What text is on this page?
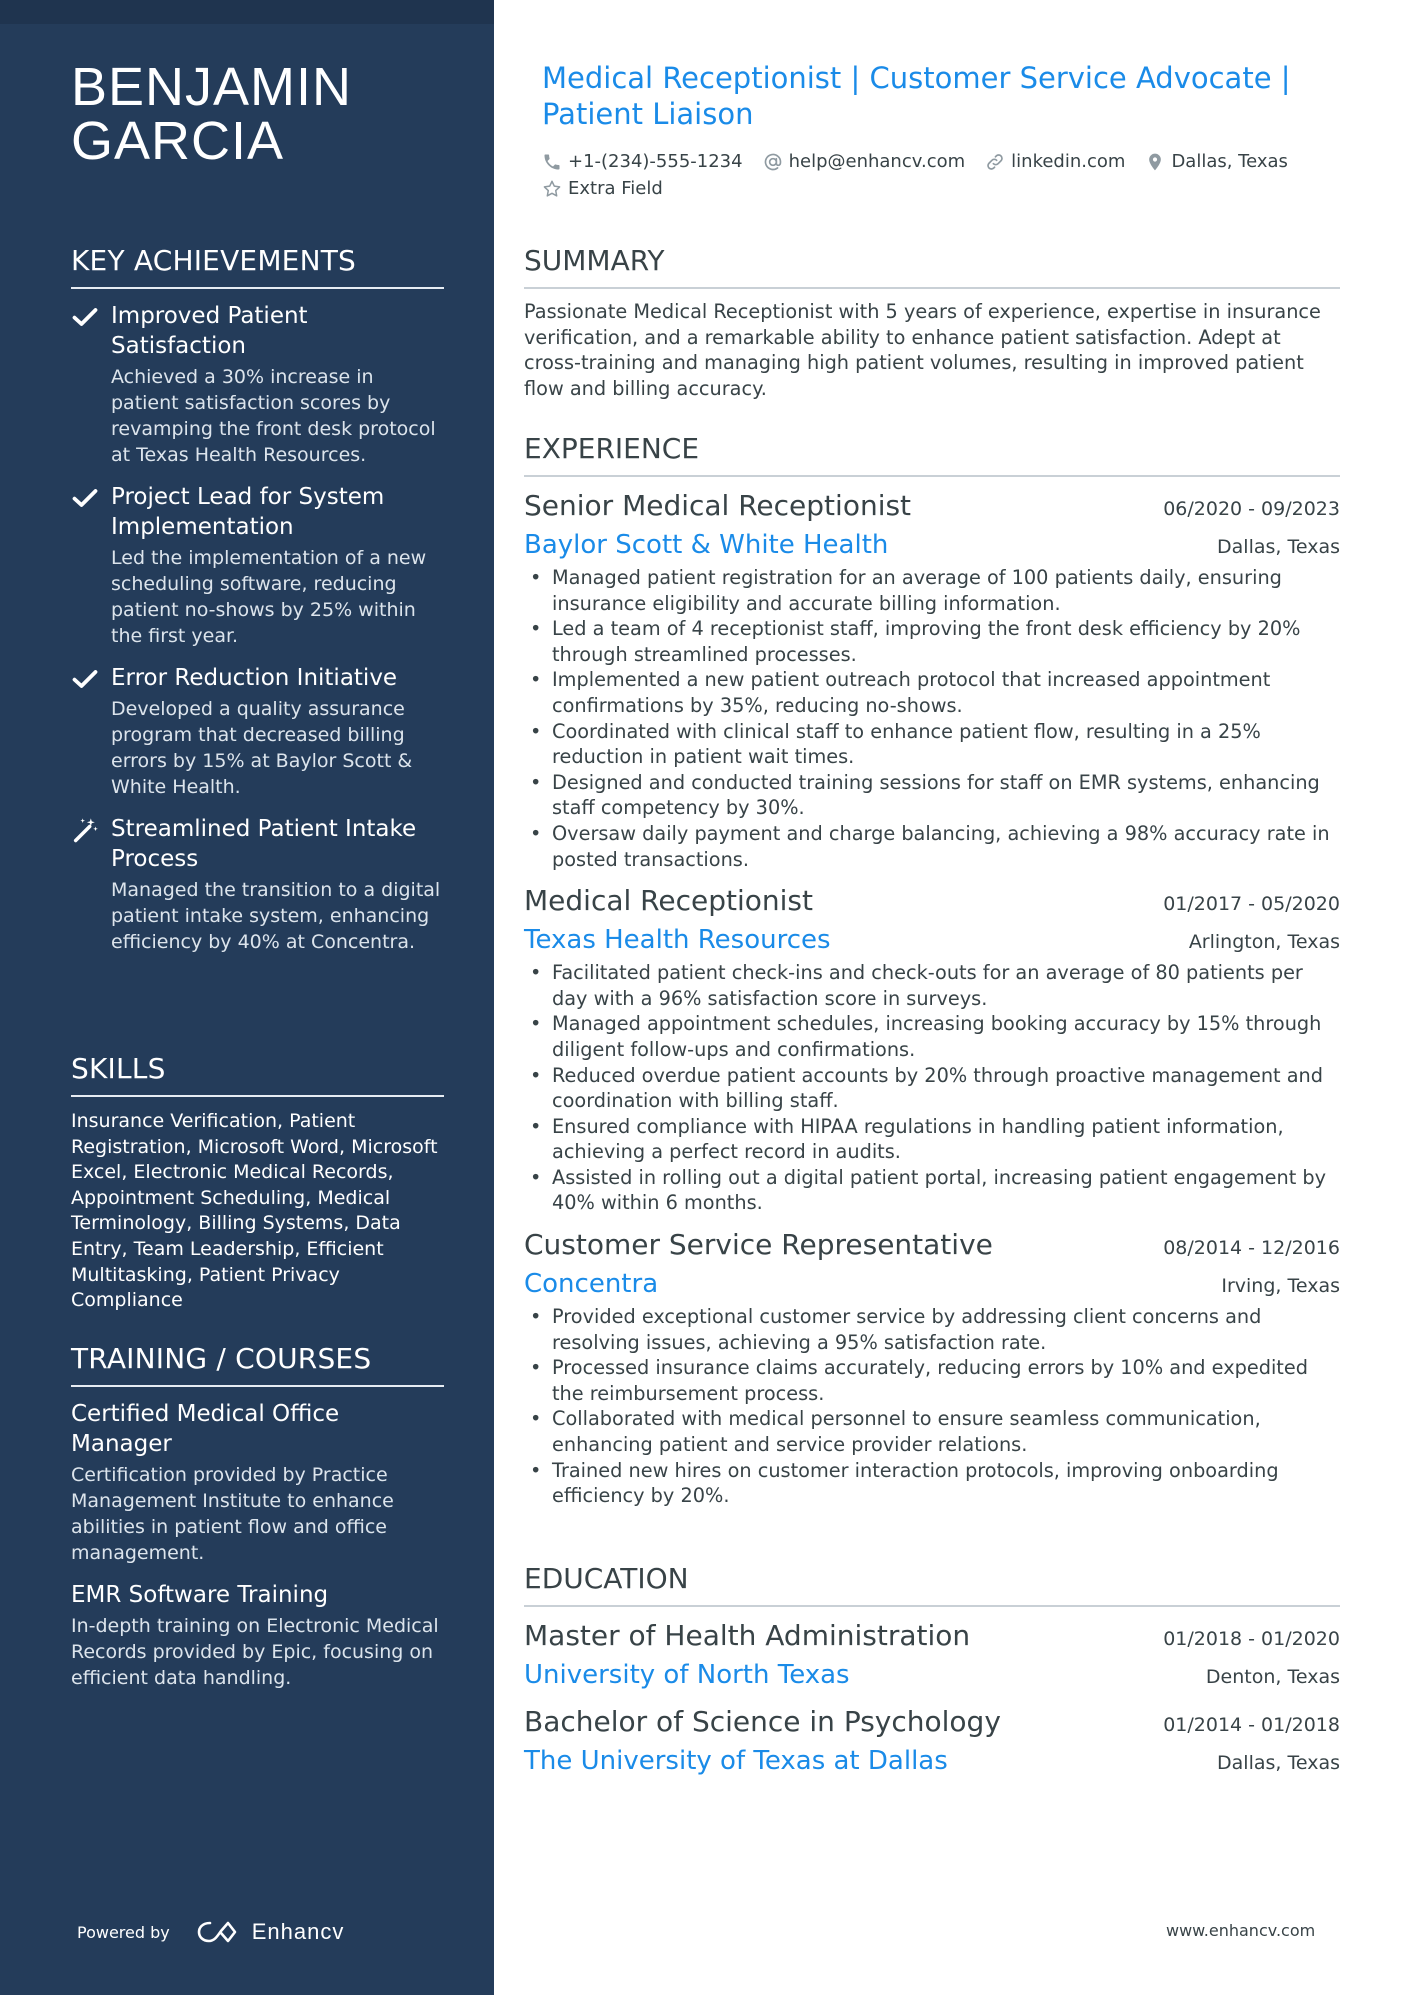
BENJAMIN
GARCIA
KEY ACHIEVEMENTS
Improved Patient Satisfaction
Achieved a 30% increase in patient satisfaction scores by revamping the front desk protocol at Texas Health Resources.
Project Lead for System Implementation
Led the implementation of a new scheduling software, reducing patient no-shows by 25% within the first year.
Error Reduction Initiative
Developed a quality assurance program that decreased billing errors by 15% at Baylor Scott & White Health.
Streamlined Patient Intake Process
Managed the transition to a digital patient intake system, enhancing efficiency by 40% at Concentra.
SKILLS
Insurance Verification, Patient Registration, Microsoft Word, Microsoft Excel, Electronic Medical Records, Appointment Scheduling, Medical Terminology, Billing Systems, Data Entry, Team Leadership, Efficient Multitasking, Patient Privacy Compliance
TRAINING / COURSES
Certified Medical Office Manager
Certification provided by Practice Management Institute to enhance abilities in patient flow and office management.
EMR Software Training
In-depth training on Electronic Medical Records provided by Epic, focusing on efficient data handling.
Powered by	Enhancv
Medical Receptionist | Customer Service Advocate | Patient Liaison
+1-(234)-555-1234	help@enhancv.com	linkedin.com	Dallas, Texas
Extra Field
SUMMARY
Passionate Medical Receptionist with 5 years of experience, expertise in insurance verification, and a remarkable ability to enhance patient satisfaction. Adept at cross-training and managing high patient volumes, resulting in improved patient flow and billing accuracy.
EXPERIENCE
Senior Medical Receptionist	06/2020 - 09/2023
Baylor Scott & White Health	Dallas, Texas
• Managed patient registration for an average of 100 patients daily, ensuring insurance eligibility and accurate billing information.
• Led a team of 4 receptionist staff, improving the front desk efficiency by 20% through streamlined processes.
• Implemented a new patient outreach protocol that increased appointment confirmations by 35%, reducing no-shows.
• Coordinated with clinical staff to enhance patient flow, resulting in a 25% reduction in patient wait times.
• Designed and conducted training sessions for staff on EMR systems, enhancing staff competency by 30%.
• Oversaw daily payment and charge balancing, achieving a 98% accuracy rate in posted transactions.
Medical Receptionist	01/2017 - 05/2020
Texas Health Resources	Arlington, Texas
• Facilitated patient check-ins and check-outs for an average of 80 patients per day with a 96% satisfaction score in surveys.
• Managed appointment schedules, increasing booking accuracy by 15% through diligent follow-ups and confirmations.
• Reduced overdue patient accounts by 20% through proactive management and coordination with billing staff.
• Ensured compliance with HIPAA regulations in handling patient information, achieving a perfect record in audits.
• Assisted in rolling out a digital patient portal, increasing patient engagement by 40% within 6 months.
Customer Service Representative	08/2014 - 12/2016
Concentra	Irving, Texas
• Provided exceptional customer service by addressing client concerns and resolving issues, achieving a 95% satisfaction rate.
• Processed insurance claims accurately, reducing errors by 10% and expedited the reimbursement process.
• Collaborated with medical personnel to ensure seamless communication, enhancing patient and service provider relations.
• Trained new hires on customer interaction protocols, improving onboarding efficiency by 20%.
EDUCATION
Master of Health Administration	01/2018 - 01/2020
University of North Texas	Denton, Texas
Bachelor of Science in Psychology	01/2014 - 01/2018
The University of Texas at Dallas	Dallas, Texas
www.enhancv.com
